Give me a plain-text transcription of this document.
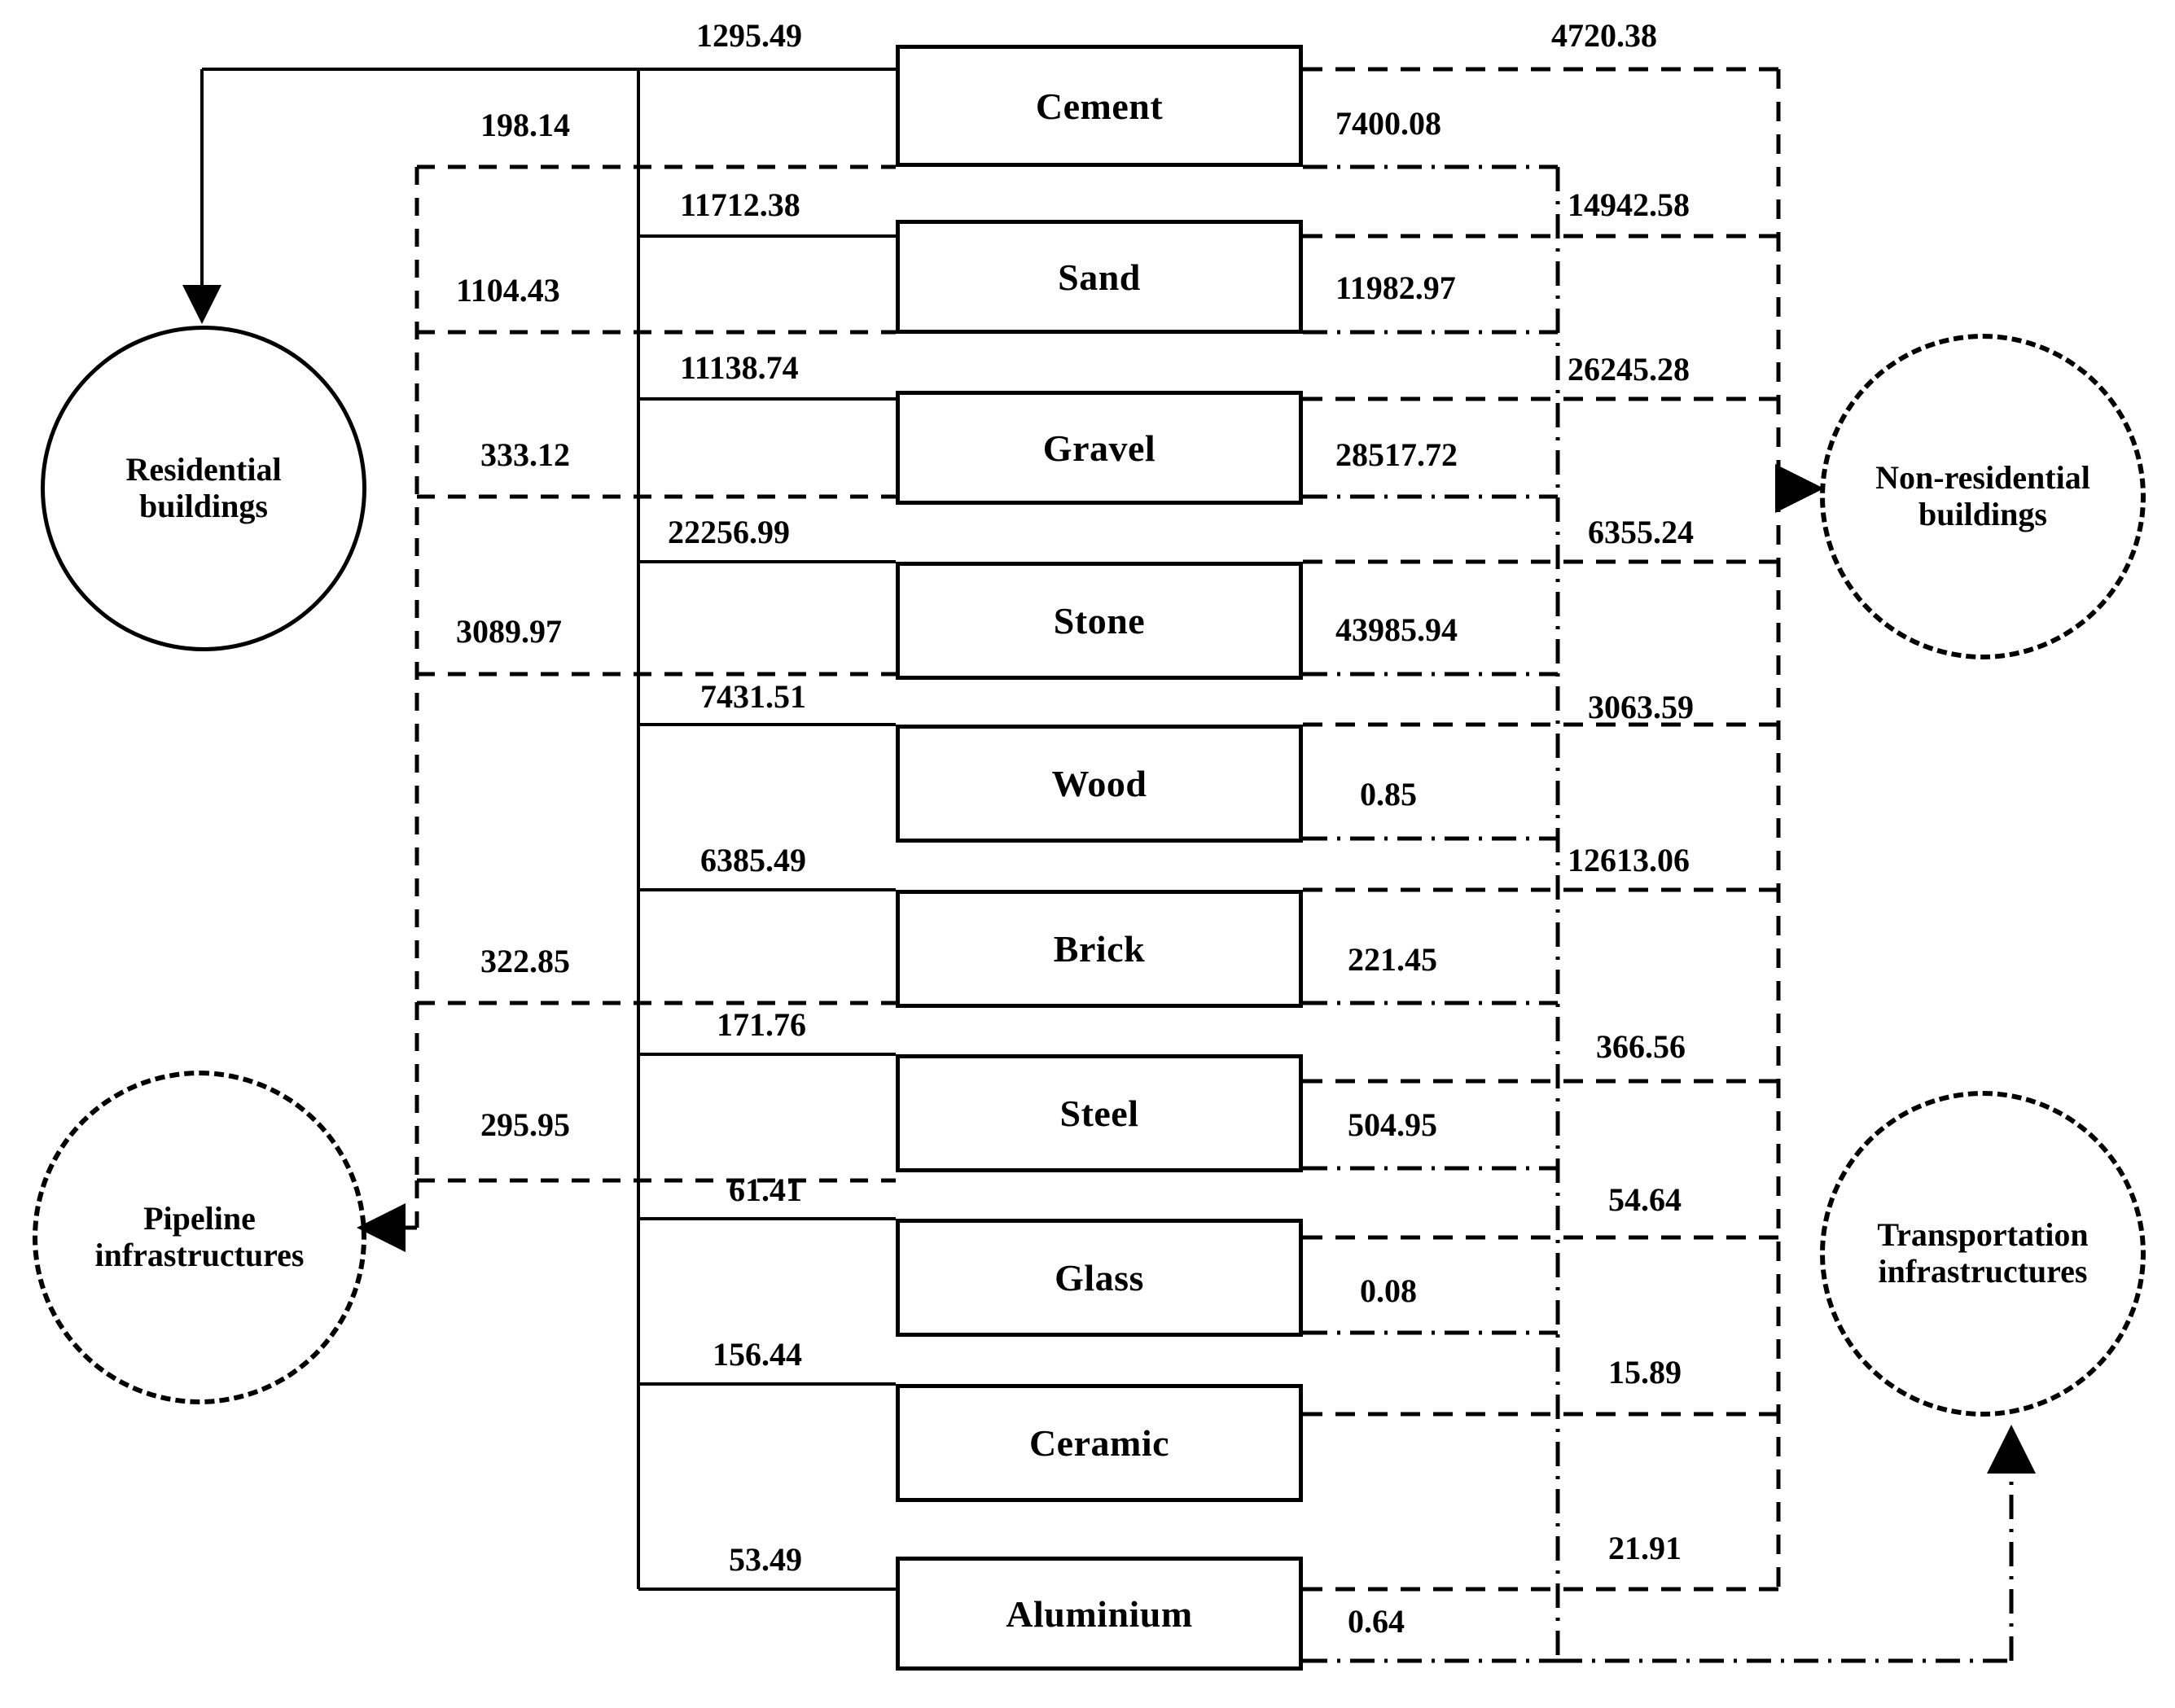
Cement
Sand
Gravel
Stone
Wood
Brick
Steel
Glass
Ceramic
Aluminium
Residential buildings
Pipeline infrastructures
Non-residential buildings
Transportation infrastructures
1295.49
11712.38
11138.74
22256.99
7431.51
6385.49
171.76
61.41
156.44
53.49
198.14
1104.43
333.12
3089.97
322.85
295.95
4720.38
14942.58
26245.28
6355.24
3063.59
12613.06
366.56
54.64
15.89
21.91
7400.08
11982.97
28517.72
43985.94
0.85
221.45
504.95
0.08
0.64
